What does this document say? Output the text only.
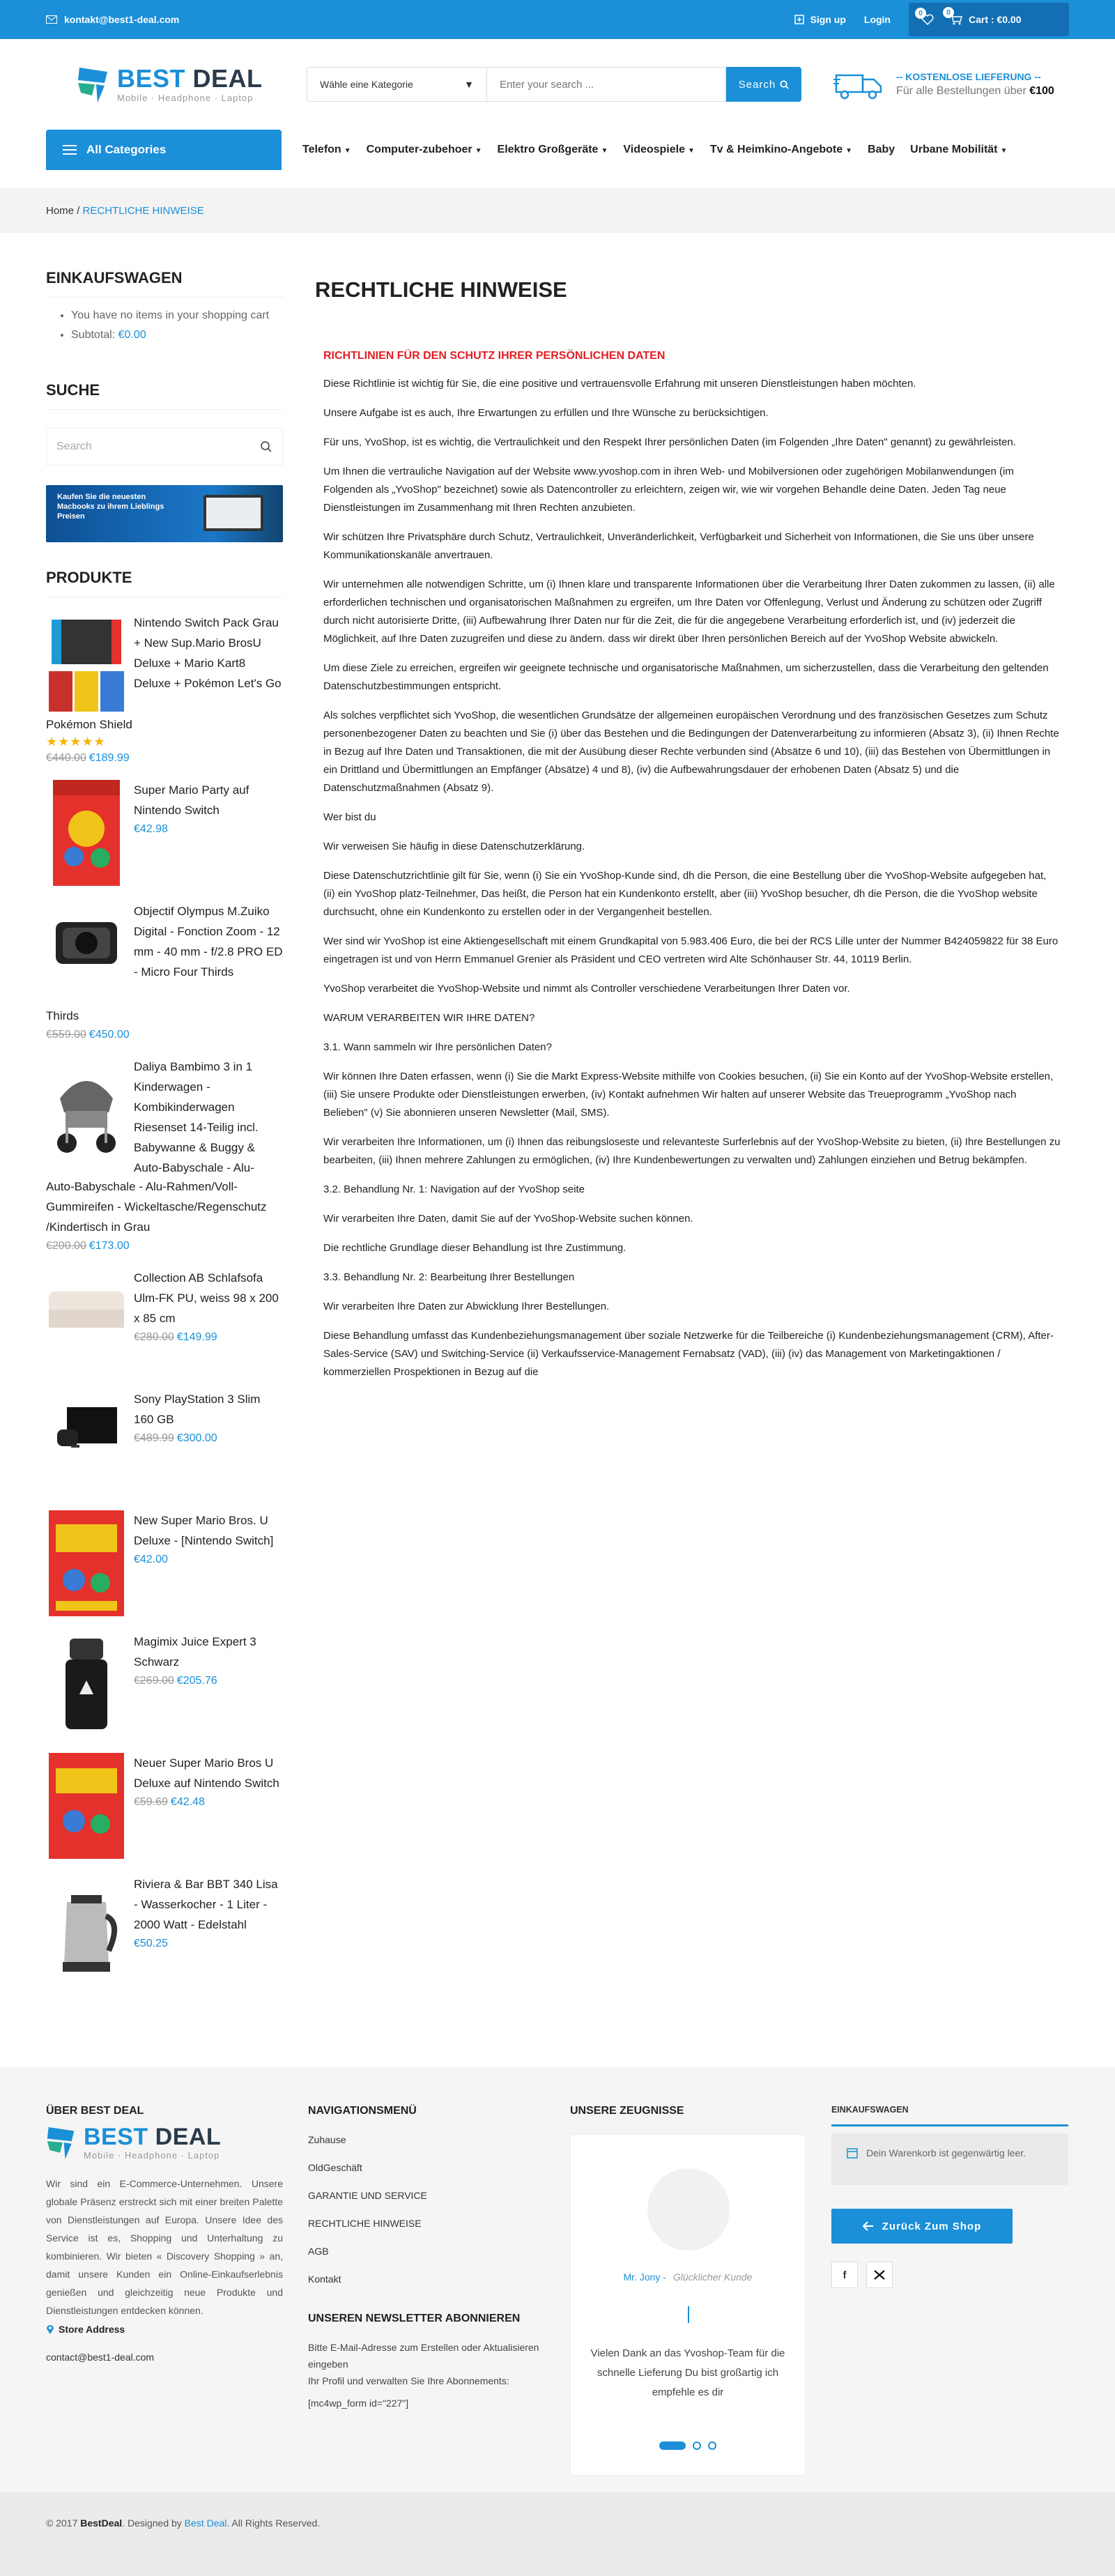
kontakt@best1-deal.com	Sign up Login
0	0
Cart : €0.00
BEST DEAL
Mobile · Headphone · Laptop
Wähle eine Kategorie	▼
Enter your search ...	Search
-- KOSTENLOSE LIEFERUNG --
Für alle Bestellungen über €100
All Categories	Telefon ▼ Computer-zubehoer ▼ Elektro Großgeräte ▼ Videospiele ▼ Tv & Heimkino-Angebote ▼ Baby Urbane Mobilität ▼
Home / RECHTLICHE HINWEISE
EINKAUFSWAGEN
• You have no items in your shopping cart
• Subtotal: €0.00
SUCHE
Search
Kaufen Sie die neuesten Macbooks zu ihrem Lieblings Preisen
PRODUKTE
Nintendo Switch Pack Grau + New Sup.Mario BrosU Deluxe + Mario Kart8 Deluxe + Pokémon Let's Go
Pokémon Shield
★★★★★
€440.00 €189.99
Super Mario Party auf Nintendo Switch
€42.98
Objectif Olympus M.Zuiko Digital - Fonction Zoom - 12 mm - 40 mm - f/2.8 PRO ED - Micro Four Thirds
Thirds
€559.00 €450.00
Daliya Bambimo 3 in 1 Kinderwagen - Kombikinderwagen Riesenset 14-Teilig incl. Babywanne & Buggy & Auto-Babyschale - Alu-
Auto-Babyschale - Alu-Rahmen/Voll-Gummireifen - Wickeltasche/Regenschutz /Kindertisch in Grau
€200.00 €173.00
Collection AB Schlafsofa Ulm-FK PU, weiss 98 x 200 x 85 cm
€280.00 €149.99
Sony PlayStation 3 Slim 160 GB
€489.99 €300.00
New Super Mario Bros. U Deluxe - [Nintendo Switch]
€42.00
Magimix Juice Expert 3 Schwarz
€269.00 €205.76
Neuer Super Mario Bros U Deluxe auf Nintendo Switch
€59.69 €42.48
Riviera & Bar BBT 340 Lisa - Wasserkocher - 1 Liter - 2000 Watt - Edelstahl
€50.25
RECHTLICHE HINWEISE
RICHTLINIEN FÜR DEN SCHUTZ IHRER PERSÖNLICHEN DATEN

Diese Richtlinie ist wichtig für Sie, die eine positive und vertrauensvolle Erfahrung mit unseren Dienstleistungen haben möchten.

Unsere Aufgabe ist es auch, Ihre Erwartungen zu erfüllen und Ihre Wünsche zu berücksichtigen.

Für uns, YvoShop, ist es wichtig, die Vertraulichkeit und den Respekt Ihrer persönlichen Daten (im Folgenden „Ihre Daten" genannt) zu gewährleisten.

Um Ihnen die vertrauliche Navigation auf der Website www.yvoshop.com in ihren Web- und Mobilversionen oder zugehörigen Mobilanwendungen (im Folgenden als „YvoShop" bezeichnet) sowie als Datencontroller zu erleichtern, zeigen wir, wie wir vorgehen Behandle deine Daten. Jeden Tag neue Dienstleistungen im Zusammenhang mit Ihren Rechten anzubieten.

Wir schützen Ihre Privatsphäre durch Schutz, Vertraulichkeit, Unveränderlichkeit, Verfügbarkeit und Sicherheit von Informationen, die Sie uns über unsere Kommunikationskanäle anvertrauen.

Wir unternehmen alle notwendigen Schritte, um (i) Ihnen klare und transparente Informationen über die Verarbeitung Ihrer Daten zukommen zu lassen, (ii) alle erforderlichen technischen und organisatorischen Maßnahmen zu ergreifen, um Ihre Daten vor Offenlegung, Verlust und Änderung zu schützen oder Zugriff durch nicht autorisierte Dritte, (iii) Aufbewahrung Ihrer Daten nur für die Zeit, die für die angegebene Verarbeitung erforderlich ist, und (iv) jederzeit die Möglichkeit, auf Ihre Daten zuzugreifen und diese zu ändern. dass wir direkt über Ihren persönlichen Bereich auf der YvoShop Website abwickeln.

Um diese Ziele zu erreichen, ergreifen wir geeignete technische und organisatorische Maßnahmen, um sicherzustellen, dass die Verarbeitung den geltenden Datenschutzbestimmungen entspricht.

Als solches verpflichtet sich YvoShop, die wesentlichen Grundsätze der allgemeinen europäischen Verordnung und des französischen Gesetzes zum Schutz personenbezogener Daten zu beachten und Sie (i) über das Bestehen und die Bedingungen der Datenverarbeitung zu informieren (Absatz 3), (ii) Ihnen Rechte in Bezug auf Ihre Daten und Transaktionen, die mit der Ausübung dieser Rechte verbunden sind (Absätze 6 und 10), (iii) das Bestehen von Übermittlungen in ein Drittland und Übermittlungen an Empfänger (Absätze) 4 und 8), (iv) die Aufbewahrungsdauer der erhobenen Daten (Absatz 5) und die Datenschutzmaßnahmen (Absatz 9).

Wer bist du

Wir verweisen Sie häufig in diese Datenschutzerklärung.

Diese Datenschutzrichtlinie gilt für Sie, wenn (i) Sie ein YvoShop-Kunde sind, dh die Person, die eine Bestellung über die YvoShop-Website aufgegeben hat, (ii) ein YvoShop platz-Teilnehmer, Das heißt, die Person hat ein Kundenkonto erstellt, aber (iii) YvoShop besucher, dh die Person, die die YvoShop website durchsucht, ohne ein Kundenkonto zu erstellen oder in der Vergangenheit bestellen.

Wer sind wir YvoShop ist eine Aktiengesellschaft mit einem Grundkapital von 5.983.406 Euro, die bei der RCS Lille unter der Nummer B424059822 für 38 Euro eingetragen ist und von Herrn Emmanuel Grenier als Präsident und CEO vertreten wird Alte Schönhauser Str. 44, 10119 Berlin.

YvoShop verarbeitet die YvoShop-Website und nimmt als Controller verschiedene Verarbeitungen Ihrer Daten vor.

WARUM VERARBEITEN WIR IHRE DATEN?

3.1. Wann sammeln wir Ihre persönlichen Daten?

Wir können Ihre Daten erfassen, wenn (i) Sie die Markt Express-Website mithilfe von Cookies besuchen, (ii) Sie ein Konto auf der YvoShop-Website erstellen, (iii) Sie unsere Produkte oder Dienstleistungen erwerben, (iv) Kontakt aufnehmen Wir halten auf unserer Website das Treueprogramm „YvoShop nach Belieben" (v) Sie abonnieren unseren Newsletter (Mail, SMS).

Wir verarbeiten Ihre Informationen, um (i) Ihnen das reibungsloseste und relevanteste Surferlebnis auf der YvoShop-Website zu bieten, (ii) Ihre Bestellungen zu bearbeiten, (iii) Ihnen mehrere Zahlungen zu ermöglichen, (iv) Ihre Kundenbewertungen zu verwalten und) Zahlungen einziehen und Betrug bekämpfen.

3.2. Behandlung Nr. 1: Navigation auf der YvoShop seite

Wir verarbeiten Ihre Daten, damit Sie auf der YvoShop-Website suchen können.

Die rechtliche Grundlage dieser Behandlung ist Ihre Zustimmung.

3.3. Behandlung Nr. 2: Bearbeitung Ihrer Bestellungen

Wir verarbeiten Ihre Daten zur Abwicklung Ihrer Bestellungen.

Diese Behandlung umfasst das Kundenbeziehungsmanagement über soziale Netzwerke für die Teilbereiche (i) Kundenbeziehungsmanagement (CRM), After-Sales-Service (SAV) und Switching-Service (ii) Verkaufsservice-Management Fernabsatz (VAD), (iii) (iv) das Management von Marketingaktionen / kommerziellen Prospektionen in Bezug auf die

ÜBER BEST DEAL
BEST DEAL
Mobile · Headphone · Laptop

Wir sind ein E-Commerce-Unternehmen. Unsere globale Präsenz erstreckt sich mit einer breiten Palette von Dienstleistungen auf Europa. Unsere Idee des Service ist es, Shopping und Unterhaltung zu kombinieren. Wir bieten « Discovery Shopping » an, damit unsere Kunden ein Online-Einkaufserlebnis genießen und gleichzeitig neue Produkte und Dienstleistungen entdecken können.

Store Address
contact@best1-deal.com
NAVIGATIONSMENÜ
Zuhause
OldGeschäft
GARANTIE UND SERVICE
RECHTLICHE HINWEISE
AGB
Kontakt
UNSEREN NEWSLETTER ABONNIEREN
Bitte E-Mail-Adresse zum Erstellen oder Aktualisieren eingeben
Ihr Profil und verwalten Sie Ihre Abonnements:
[mc4wp_form id="227"]
UNSERE ZEUGNISSE
Mr. Jony - Glücklicher Kunde
Vielen Dank an das Yvoshop-Team für die schnelle Lieferung Du bist großartig ich empfehle es dir
EINKAUFSWAGEN
Dein Warenkorb ist gegenwärtig leer.
Zurück Zum Shop
f
© 2017 BestDeal. Designed by Best Deal. All Rights Reserved.
